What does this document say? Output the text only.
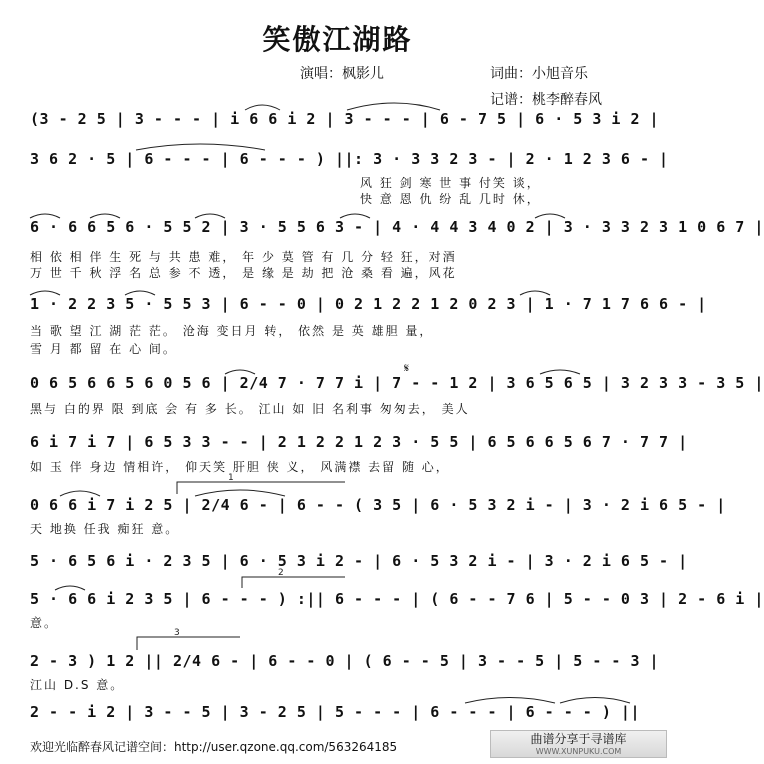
笑傲江湖路
演唱：枫影儿	词曲：小旭音乐
记谱：桃李醉春风
(3 - 2 5 | 3 - - - | i 6 6 i 2 | 3 - - - | 6 - 7 5 | 6 · 5 3 i 2 |
3 6 2 · 5 | 6 - - - | 6 - - - ) ||: 3 · 3 3 2 3 - | 2 · 1 2 3 6 - |
风 狂 剑 寒 世 事 付笑 谈，
快 意 恩 仇 纷 乱 几时 休，
6 · 6 6 5 6 · 5 5 2 | 3 · 5 5 6 3 - | 4 · 4 4 3 4 0 2 | 3 · 3 3 2 3 1 0 6 7 |
相 依 相 伴 生 死 与 共 患 难， 年 少 莫 管 有 几 分 轻 狂，对酒
万 世 千 秋 浮 名 总 参 不 透， 是 缘 是 劫 把 沧 桑 看 遍，风花
1 · 2 2 3 5 · 5 5 3 | 6 - - 0 | 0 2 1 2 2 1 2 0 2 3 | 1 · 7 1 7 6 6 - |
当 歌 望 江 湖 茫 茫。 沧海 变日月 转， 依然 是 英 雄胆 量，
雪 月 都 留 在 心 间。
0 6 5 6 6 5 6 0 5 6 | 2/4 7 · 7 7 i | 7 - - 1 2 | 3 6 5 6 5 | 3 2 3 3 - 3 5 |
黑与 白的界 限 到底 会 有 多 长。 江山 如 旧 名利事 匆匆去， 美人
6 i 7 i 7 | 6 5 3 3 - - | 2 1 2 2 1 2 3 · 5 5 | 6 5 6 6 5 6 7 · 7 7 |
如 玉 伴 身边 情相许， 仰天笑 肝胆 侠 义， 风满襟 去留 随 心，
0 6 6 i 7 i 2 5 | 2/4 6 - | 6 - - ( 3 5 | 6 · 5 3 2 i - | 3 · 2 i 6 5 - |
天 地换 任我 痴狂 意。
5 · 6 5 6 i · 2 3 5 | 6 · 5 3 i 2 - | 6 · 5 3 2 i - | 3 · 2 i 6 5 - |
5 · 6 6 i 2 3 5 | 6 - - - ) :|| 6 - - - | ( 6 - - 7 6 | 5 - - 0 3 | 2 - 6 i |
意。
2 - 3 ) 1 2 || 2/4 6 - | 6 - - 0 | ( 6 - - 5 | 3 - - 5 | 5 - - 3 |
江山 D.S 意。
2 - - i 2 | 3 - - 5 | 3 - 2 5 | 5 - - - | 6 - - - | 6 - - - ) ||
1
2
3
𝄋
欢迎光临醉春风记谱空间：http://user.qzone.qq.com/563264185
曲谱分享于寻谱库
WWW.XUNPUKU.COM
